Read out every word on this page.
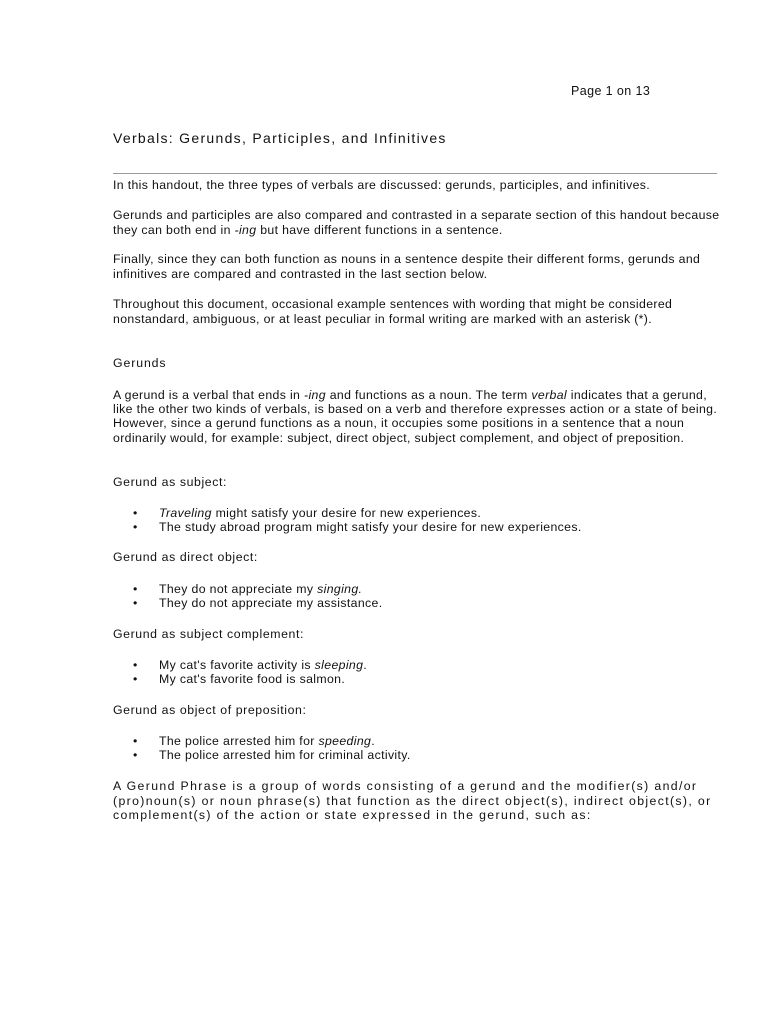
Page 1 on 13
Verbals: Gerunds, Participles, and Infinitives

In this handout, the three types of verbals are discussed: gerunds, participles, and infinitives.

Gerunds and participles are also compared and contrasted in a separate section of this handout because they can both end in -ing but have different functions in a sentence.

Finally, since they can both function as nouns in a sentence despite their different forms, gerunds and infinitives are compared and contrasted in the last section below.

Throughout this document, occasional example sentences with wording that might be considered nonstandard, ambiguous, or at least peculiar in formal writing are marked with an asterisk (*).

Gerunds

A gerund is a verbal that ends in -ing and functions as a noun. The term verbal indicates that a gerund, like the other two kinds of verbals, is based on a verb and therefore expresses action or a state of being. However, since a gerund functions as a noun, it occupies some positions in a sentence that a noun ordinarily would, for example: subject, direct object, subject complement, and object of preposition.

Gerund as subject:
• Traveling might satisfy your desire for new experiences.
• The study abroad program might satisfy your desire for new experiences.
Gerund as direct object:
• They do not appreciate my singing.
• They do not appreciate my assistance.
Gerund as subject complement:
• My cat's favorite activity is sleeping.
• My cat's favorite food is salmon.
Gerund as object of preposition:
• The police arrested him for speeding.
• The police arrested him for criminal activity.

A Gerund Phrase is a group of words consisting of a gerund and the modifier(s) and/or (pro)noun(s) or noun phrase(s) that function as the direct object(s), indirect object(s), or complement(s) of the action or state expressed in the gerund, such as:
